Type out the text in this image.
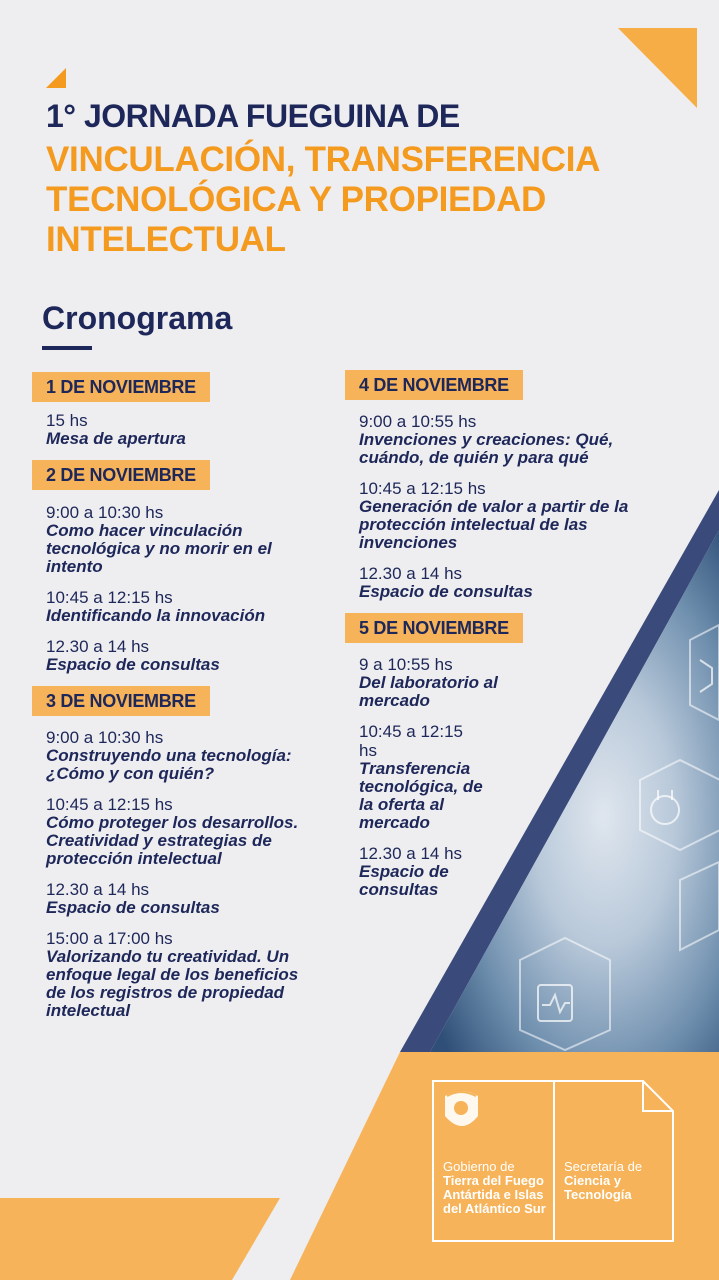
1° JORNADA FUEGUINA DE
VINCULACIÓN, TRANSFERENCIA TECNOLÓGICA Y PROPIEDAD INTELECTUAL
Cronograma
1 DE NOVIEMBRE
15 hs
Mesa de apertura
2 DE NOVIEMBRE
9:00 a 10:30 hs
Como hacer vinculación tecnológica y no morir en el intento
10:45 a 12:15 hs
Identificando la innovación
12.30 a 14 hs
Espacio de consultas
3 DE NOVIEMBRE
9:00 a 10:30 hs
Construyendo una tecnología: ¿Cómo y con quién?
10:45 a 12:15 hs
Cómo proteger los desarrollos. Creatividad y estrategias de protección intelectual
12.30 a 14 hs
Espacio de consultas
15:00 a 17:00 hs
Valorizando tu creatividad. Un enfoque legal de los beneficios de los registros de propiedad intelectual
4 DE NOVIEMBRE
9:00 a 10:55 hs
Invenciones y creaciones: Qué, cuándo, de quién y para qué
10:45 a 12:15 hs
Generación de valor a partir de la protección intelectual de las invenciones
12.30 a 14 hs
Espacio de consultas
5 DE NOVIEMBRE
9 a 10:55 hs
Del laboratorio al mercado
10:45 a 12:15 hs
Transferencia tecnológica, de la oferta al mercado
12.30 a 14 hs
Espacio de consultas
Gobierno de
Tierra del Fuego
Antártida e Islas
del Atlántico Sur
Secretaría de
Ciencia y
Tecnología
